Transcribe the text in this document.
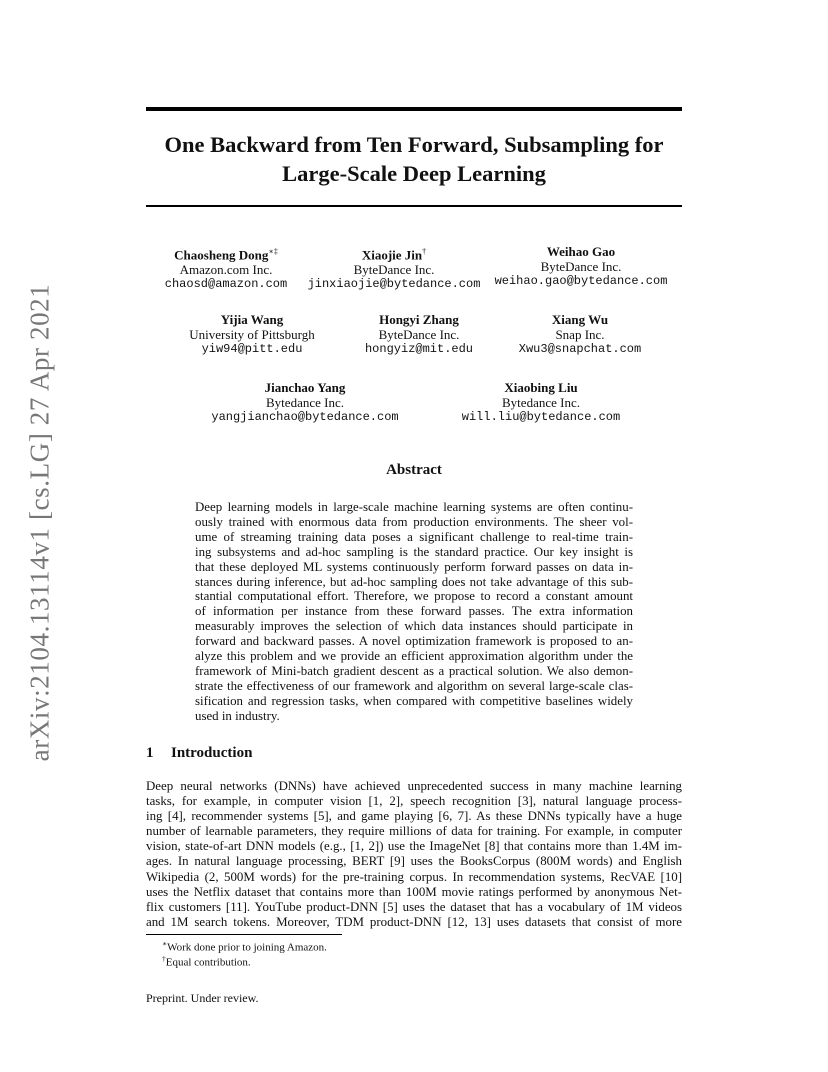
arXiv:2104.13114v1 [cs.LG] 27 Apr 2021
One Backward from Ten Forward, Subsampling for
Large-Scale Deep Learning
Chaosheng Dong∗‡
Amazon.com Inc.
chaosd@amazon.com
Xiaojie Jin†
ByteDance Inc.
jinxiaojie@bytedance.com
Weihao Gao
ByteDance Inc.
weihao.gao@bytedance.com
Yijia Wang
University of Pittsburgh
yiw94@pitt.edu
Hongyi Zhang
ByteDance Inc.
hongyiz@mit.edu
Xiang Wu
Snap Inc.
Xwu3@snapchat.com
Jianchao Yang
Bytedance Inc.
yangjianchao@bytedance.com
Xiaobing Liu
Bytedance Inc.
will.liu@bytedance.com
Abstract
Deep learning models in large-scale machine learning systems are often continu-
ously trained with enormous data from production environments. The sheer vol-
ume of streaming training data poses a significant challenge to real-time train-
ing subsystems and ad-hoc sampling is the standard practice. Our key insight is
that these deployed ML systems continuously perform forward passes on data in-
stances during inference, but ad-hoc sampling does not take advantage of this sub-
stantial computational effort. Therefore, we propose to record a constant amount
of information per instance from these forward passes. The extra information
measurably improves the selection of which data instances should participate in
forward and backward passes. A novel optimization framework is proposed to an-
alyze this problem and we provide an efficient approximation algorithm under the
framework of Mini-batch gradient descent as a practical solution. We also demon-
strate the effectiveness of our framework and algorithm on several large-scale clas-
sification and regression tasks, when compared with competitive baselines widely
used in industry.
1 Introduction
Deep neural networks (DNNs) have achieved unprecedented success in many machine learning
tasks, for example, in computer vision [1, 2], speech recognition [3], natural language process-
ing [4], recommender systems [5], and game playing [6, 7]. As these DNNs typically have a huge
number of learnable parameters, they require millions of data for training. For example, in computer
vision, state-of-art DNN models (e.g., [1, 2]) use the ImageNet [8] that contains more than 1.4M im-
ages. In natural language processing, BERT [9] uses the BooksCorpus (800M words) and English
Wikipedia (2, 500M words) for the pre-training corpus. In recommendation systems, RecVAE [10]
uses the Netflix dataset that contains more than 100M movie ratings performed by anonymous Net-
flix customers [11]. YouTube product-DNN [5] uses the dataset that has a vocabulary of 1M videos
and 1M search tokens. Moreover, TDM product-DNN [12, 13] uses datasets that consist of more
∗Work done prior to joining Amazon.
†Equal contribution.
Preprint. Under review.
